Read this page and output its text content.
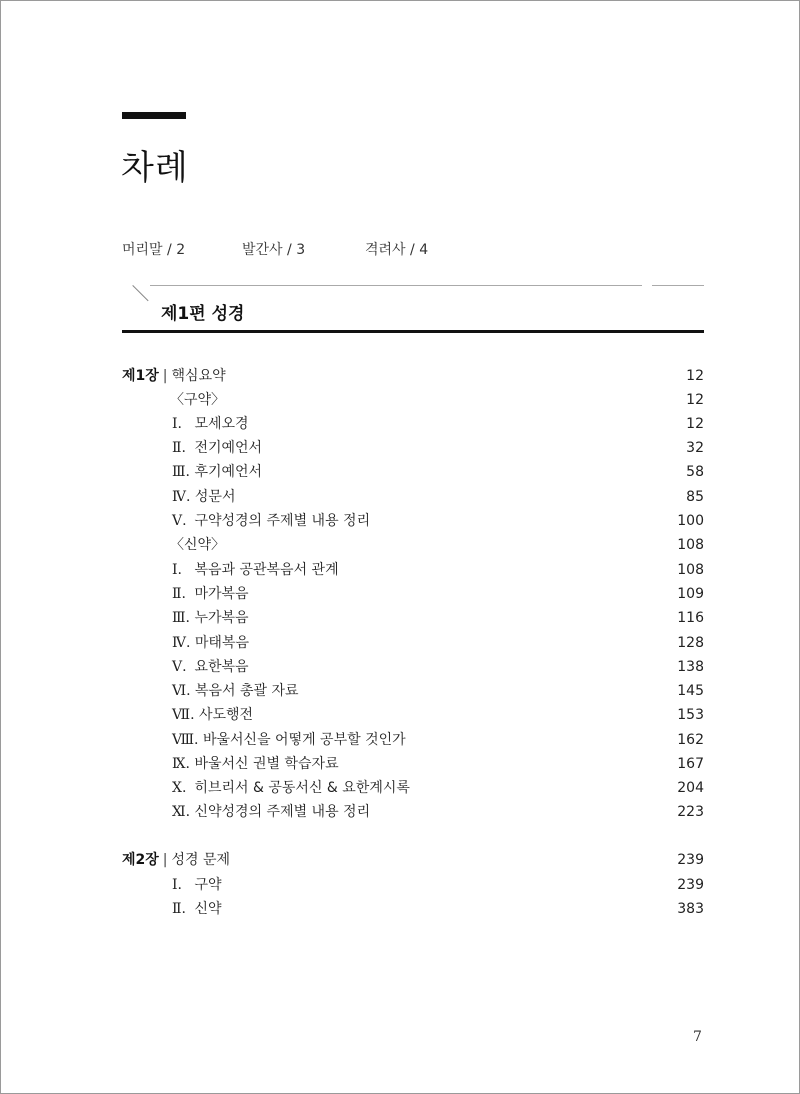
차례
머리말 / 2	발간사 / 3	격려사 / 4
제1편 성경
제1장 | 핵심요약	12
〈구약〉	12
Ⅰ. 모세오경	12
Ⅱ. 전기예언서	32
Ⅲ. 후기예언서	58
Ⅳ. 성문서	85
Ⅴ. 구약성경의 주제별 내용 정리	100
〈신약〉	108
Ⅰ. 복음과 공관복음서 관계	108
Ⅱ. 마가복음	109
Ⅲ. 누가복음	116
Ⅳ. 마태복음	128
Ⅴ. 요한복음	138
Ⅵ. 복음서 총괄 자료	145
Ⅶ. 사도행전	153
Ⅷ. 바울서신을 어떻게 공부할 것인가	162
Ⅸ. 바울서신 권별 학습자료	167
Ⅹ. 히브리서 & 공동서신 & 요한계시록	204
Ⅺ. 신약성경의 주제별 내용 정리	223
제2장 | 성경 문제	239
Ⅰ. 구약	239
Ⅱ. 신약	383
7
